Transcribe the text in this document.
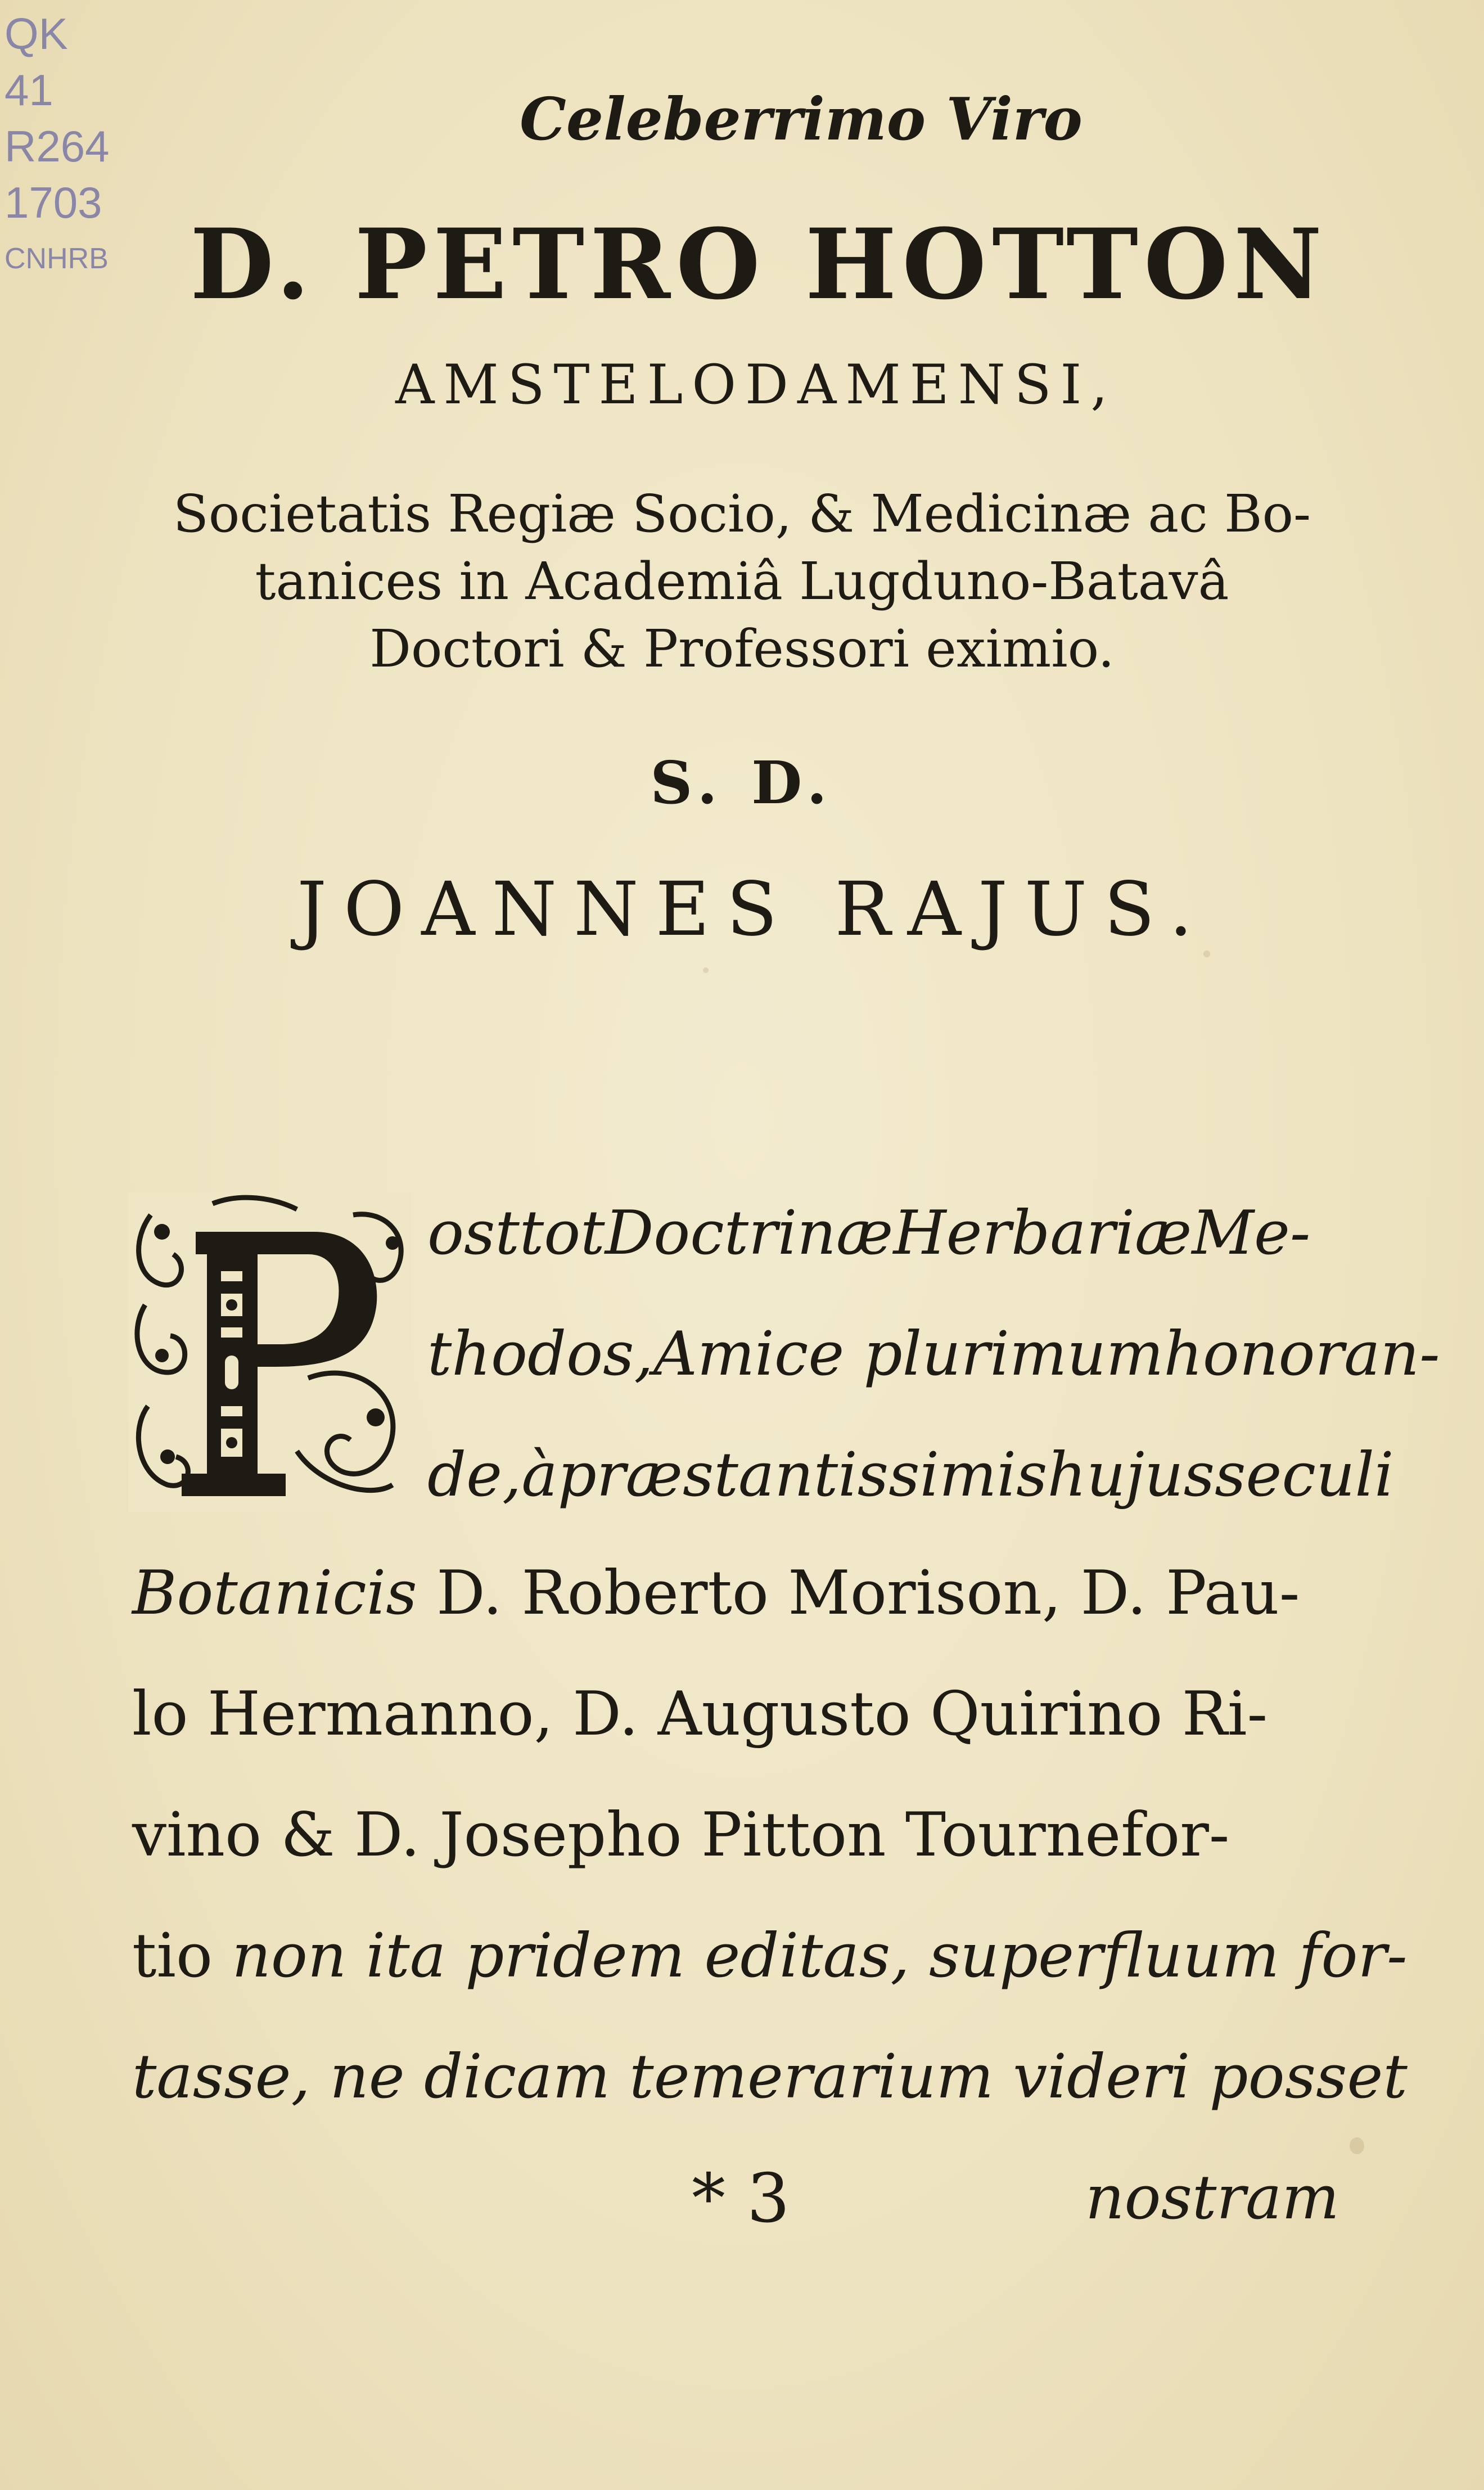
QK
41
R264
1703
CNHRB
Celeberrimo Viro
D. PETRO HOTTON
AMSTELODAMENSI,
Societatis Regiæ Socio, & Medicinæ ac Bo-
tanices in Academiâ Lugduno-Batavâ
Doctori & Professori eximio.
S. D.
JOANNES RAJUS.
ost tot Doctrinæ Herbariæ Me-
thodos, Amice plurimum honoran-
de, à præstantissimis hujus seculi
Botanicis D. Roberto Morison, D. Pau-
lo Hermanno, D. Augusto Quirino Ri-
vino & D. Josepho Pitton Tournefor-
tio non ita pridem editas, superfluum for-
tasse, ne dicam temerarium videri posset
* 3	nostram
